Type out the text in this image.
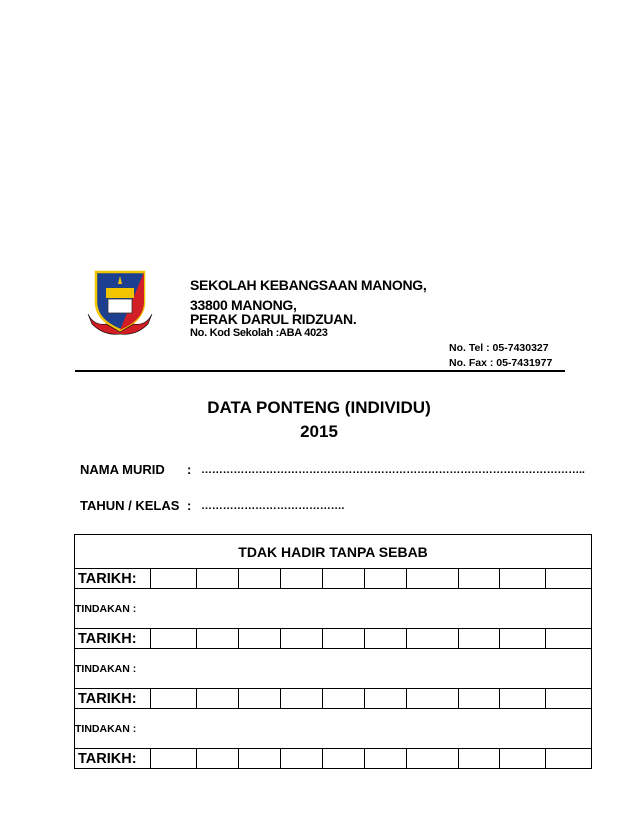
SEKOLAH KEBANGSAAN MANONG,
33800 MANONG,
PERAK DARUL RIDZUAN.
No. Kod Sekolah :ABA 4023
No. Tel : 05-7430327
No. Fax : 05-7431977
DATA PONTENG (INDIVIDU)
2015
NAMA MURID : ……………………………………………………………………………………………..
TAHUN / KELAS : ………………………………….
TDAK HADIR TANPA SEBAB										
TARIKH:										
TINDAKAN :										
TARIKH:										
TINDAKAN :										
TARIKH:										
TINDAKAN :										
TARIKH:										
